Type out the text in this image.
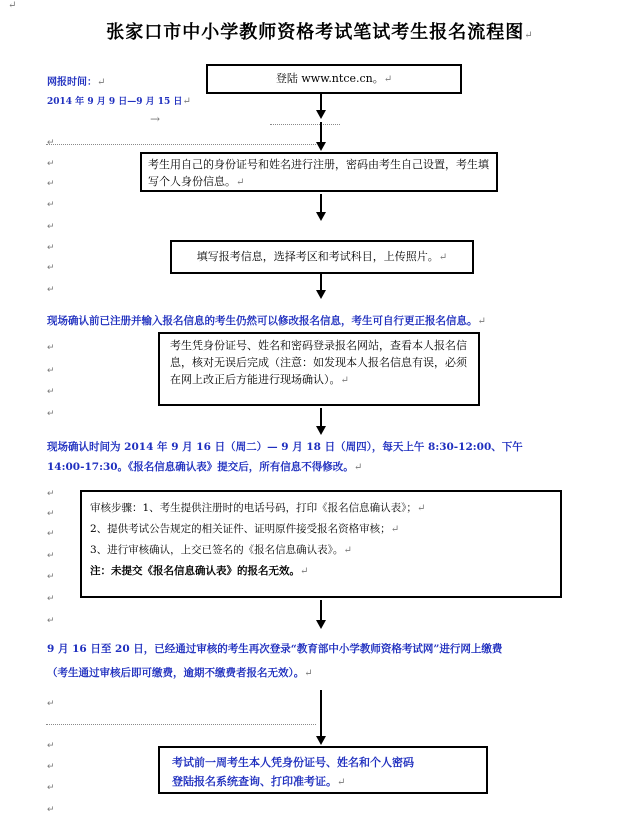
↵
张家口市中小学教师资格考试笔试考生报名流程图↵
↵
↵
↵
↵
↵
↵
↵
↵
↵
↵
↵
↵
↵
↵
↵
↵
↵
↵
↵
↵
↵
↵
↵
↵
网报时间：↵
2014 年 9 月 9 日—9 月 15 日↵
→
登陆 www.ntce.cn。↵
考生用自己的身份证号和姓名进行注册，密码由考生自己设置，考生填写个人身份信息。↵
填写报考信息，选择考区和考试科目，上传照片。↵
现场确认前已注册并输入报名信息的考生仍然可以修改报名信息，考生可自行更正报名信息。↵
考生凭身份证号、姓名和密码登录报名网站，查看本人报名信息，核对无误后完成（注意：如发现本人报名信息有误，必须在网上改正后方能进行现场确认）。↵
现场确认时间为 2014 年 9 月 16 日（周二）— 9 月 18 日（周四），每天上午 8:30-12:00、下午
14:00-17:30。《报名信息确认表》提交后，所有信息不得修改。↵
审核步骤：1、考生提供注册时的电话号码，打印《报名信息确认表》；↵
2、提供考试公告规定的相关证件、证明原件接受报名资格审核；↵
3、进行审核确认，上交已签名的《报名信息确认表》。↵
注：未提交《报名信息确认表》的报名无效。↵
9 月 16 日至 20 日，已经通过审核的考生再次登录“教育部中小学教师资格考试网”进行网上缴费
（考生通过审核后即可缴费，逾期不缴费者报名无效）。↵
考试前一周考生本人凭身份证号、姓名和个人密码
登陆报名系统查询、打印准考证。↵
